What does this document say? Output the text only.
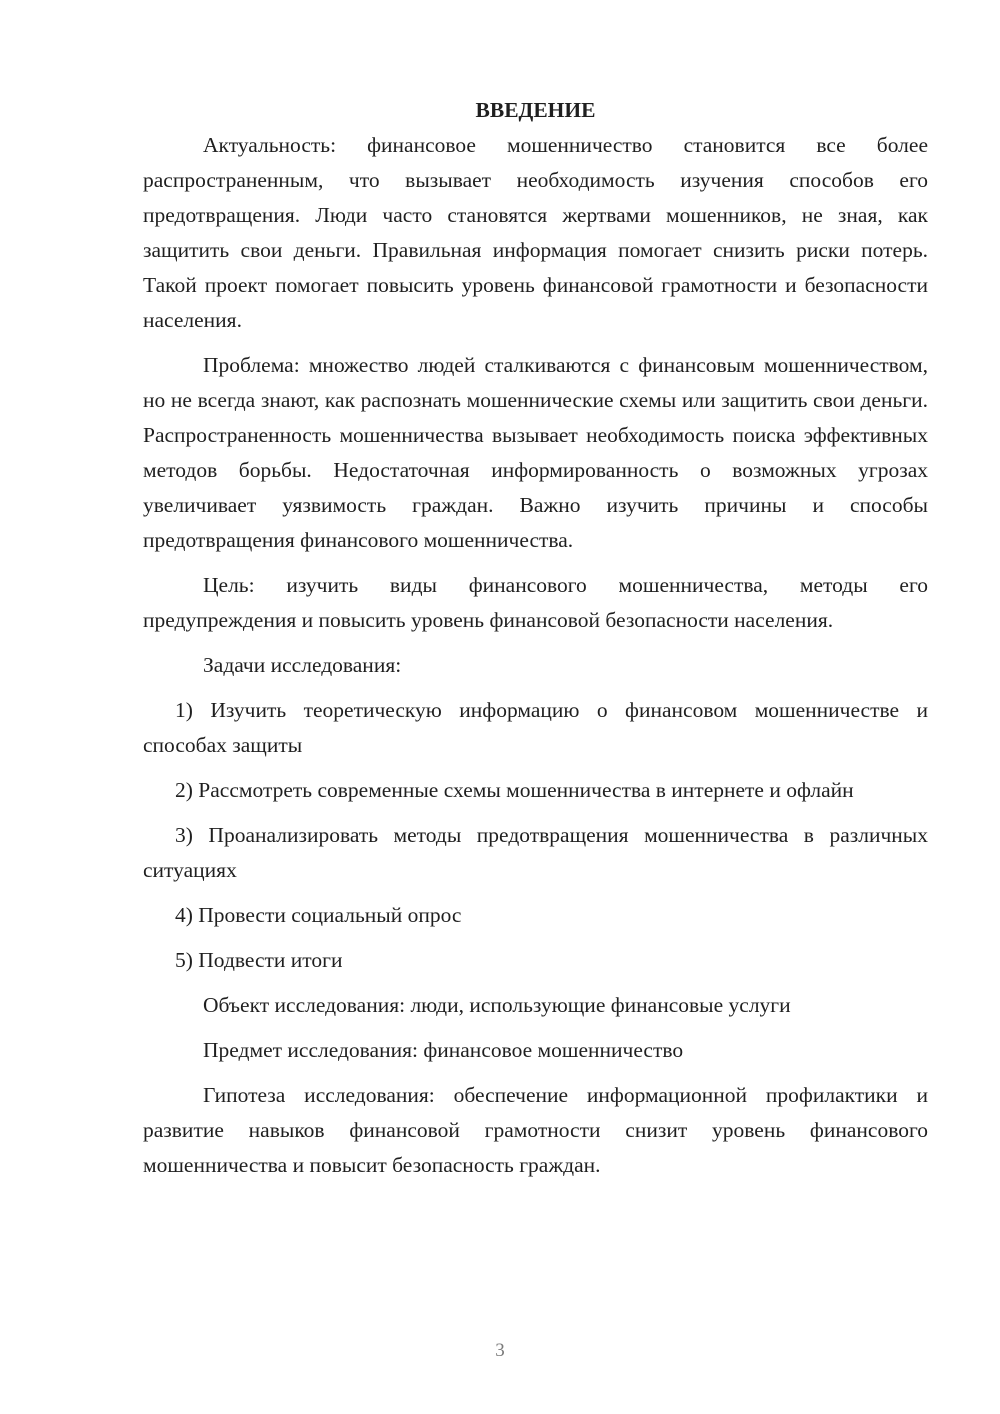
ВВЕДЕНИЕ

Актуальность: финансовое мошенничество становится все более распространенным, что вызывает необходимость изучения способов его предотвращения. Люди часто становятся жертвами мошенников, не зная, как защитить свои деньги. Правильная информация помогает снизить риски потерь. Такой проект помогает повысить уровень финансовой грамотности и безопасности населения.

Проблема: множество людей сталкиваются с финансовым мошенничеством, но не всегда знают, как распознать мошеннические схемы или защитить свои деньги. Распространенность мошенничества вызывает необходимость поиска эффективных методов борьбы. Недостаточная информированность о возможных угрозах увеличивает уязвимость граждан. Важно изучить причины и способы предотвращения финансового мошенничества.

Цель: изучить виды финансового мошенничества, методы его предупреждения и повысить уровень финансовой безопасности населения.

Задачи исследования:

1) Изучить теоретическую информацию о финансовом мошенничестве и способах защиты

2) Рассмотреть современные схемы мошенничества в интернете и офлайн

3) Проанализировать методы предотвращения мошенничества в различных ситуациях

4) Провести социальный опрос

5) Подвести итоги

Объект исследования: люди, использующие финансовые услуги

Предмет исследования: финансовое мошенничество

Гипотеза исследования: обеспечение информационной профилактики и развитие навыков финансовой грамотности снизит уровень финансового мошенничества и повысит безопасность граждан.

3
